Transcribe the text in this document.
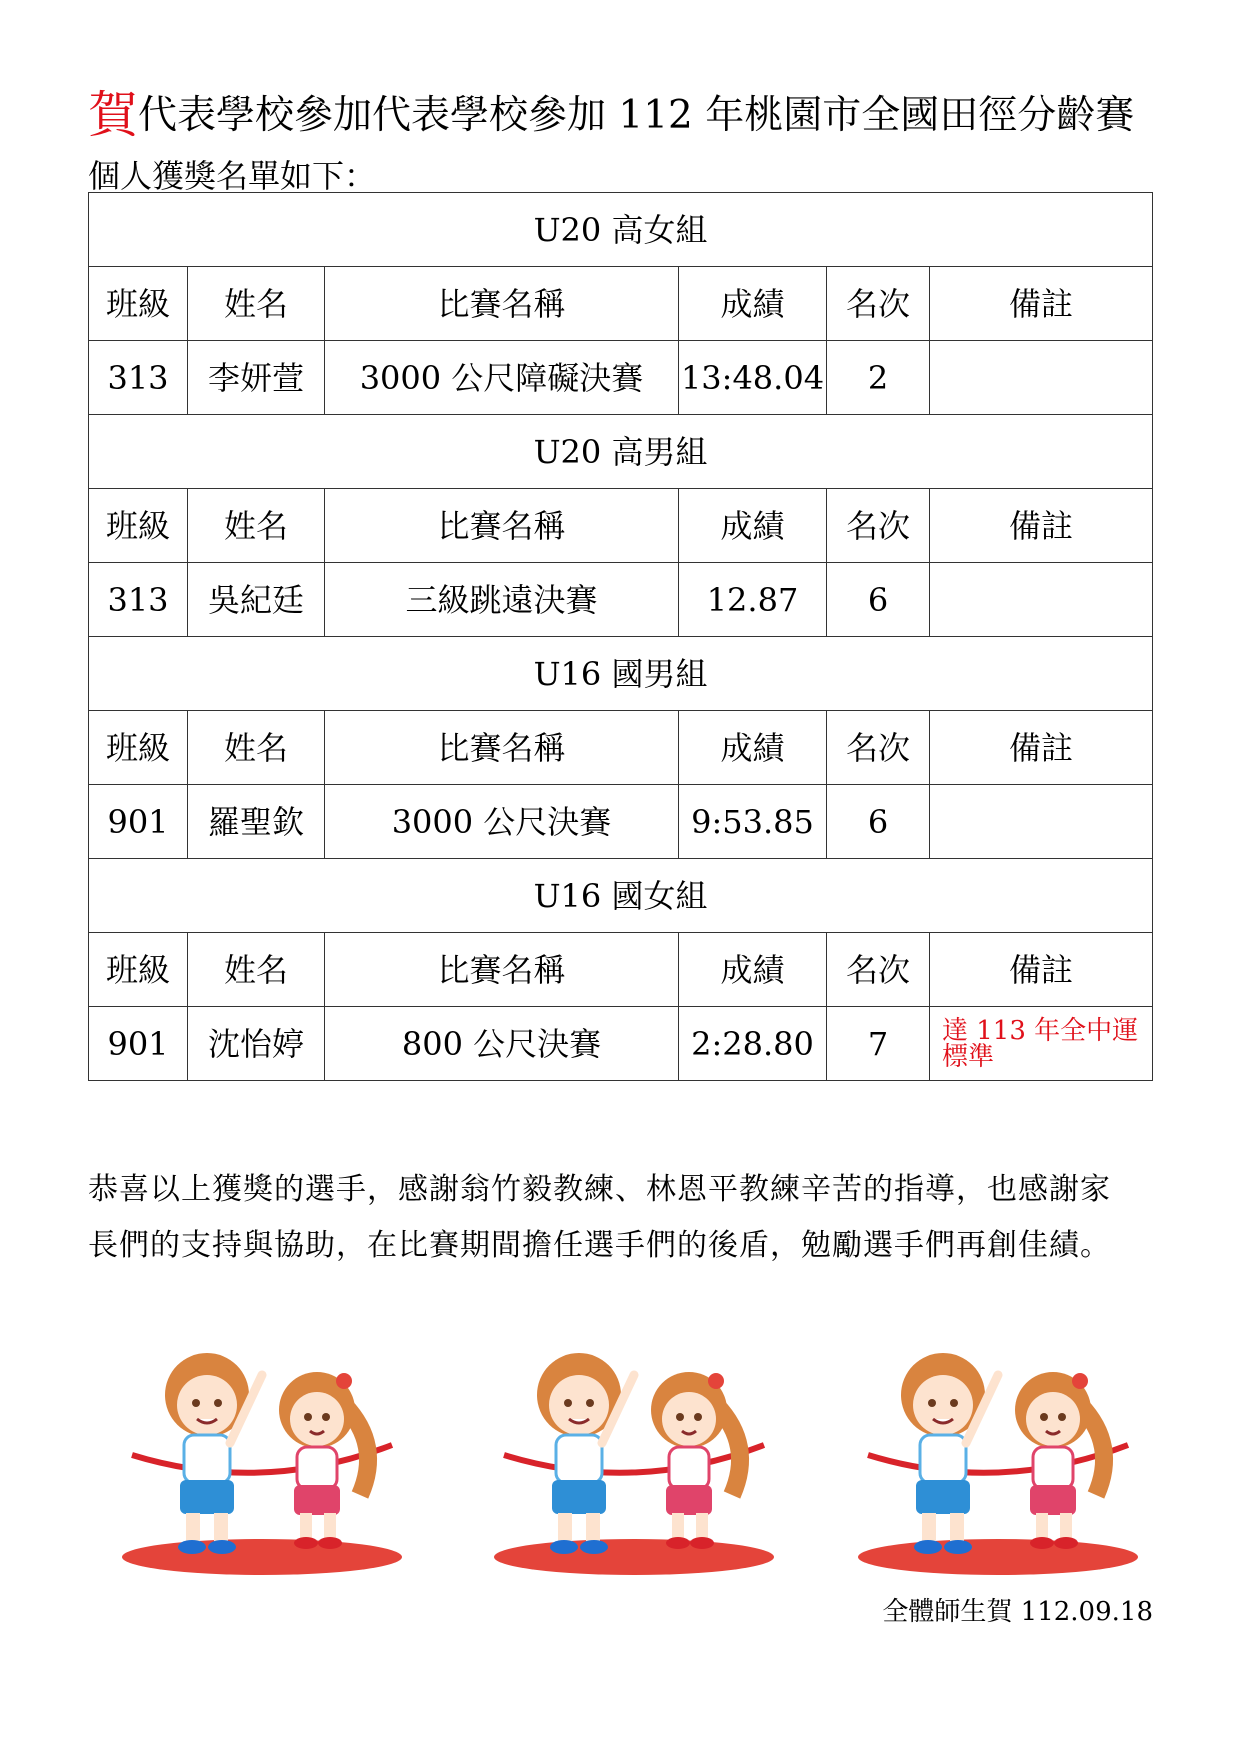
賀代表學校參加代表學校參加 112 年桃園市全國田徑分齡賽
個人獲獎名單如下：
U20 高女組					
班級	姓名	比賽名稱	成績	名次	備註
313	李妍萱	3000 公尺障礙決賽	13:48.04	2	
U20 高男組					
班級	姓名	比賽名稱	成績	名次	備註
313	吳紀廷	三級跳遠決賽	12.87	6	
U16 國男組					
班級	姓名	比賽名稱	成績	名次	備註
901	羅聖欽	3000 公尺決賽	9:53.85	6	
U16 國女組					
班級	姓名	比賽名稱	成績	名次	備註
901	沈怡婷	800 公尺決賽	2:28.80	7	達 113 年全中運標準
恭喜以上獲獎的選手，感謝翁竹毅教練、林恩平教練辛苦的指導，也感謝家長們的支持與協助，在比賽期間擔任選手們的後盾，勉勵選手們再創佳績。
全體師生賀 112.09.18
